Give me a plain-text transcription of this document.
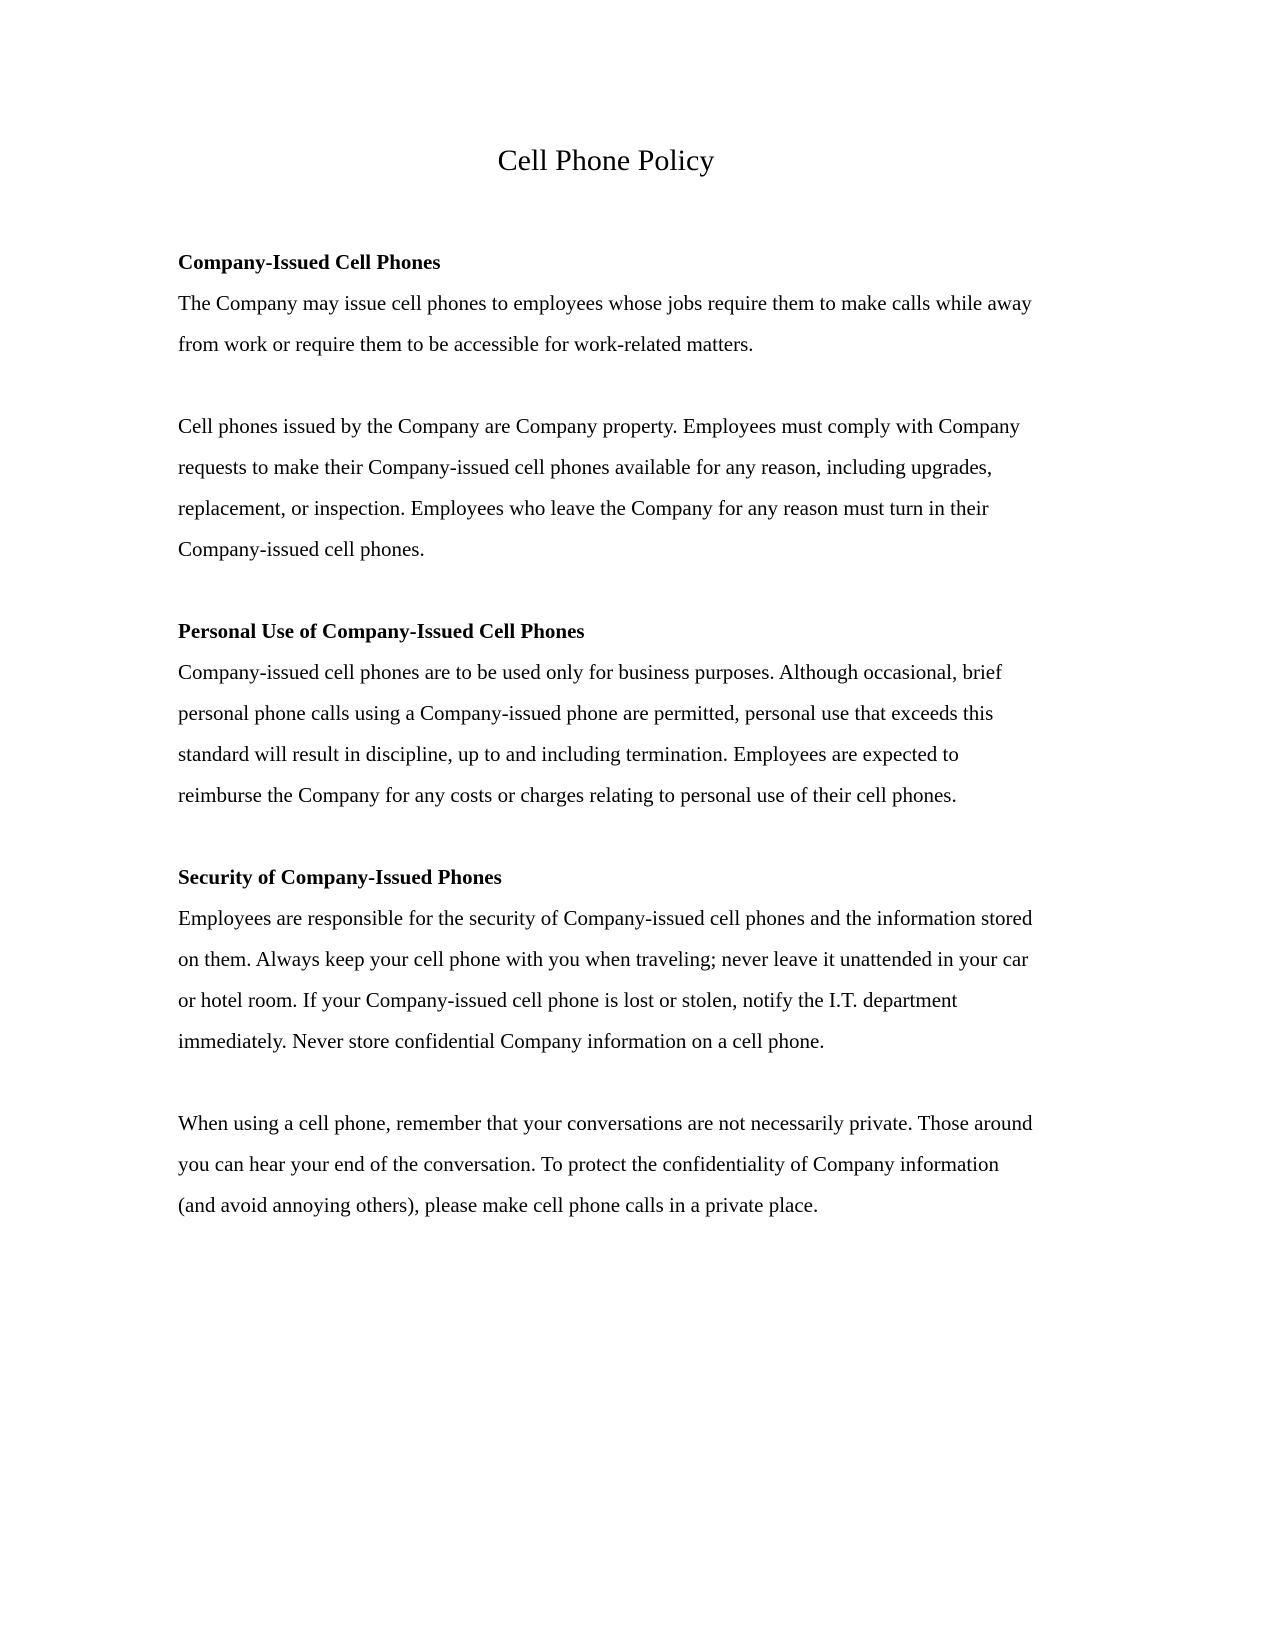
Cell Phone Policy
Company-Issued Cell Phones

The Company may issue cell phones to employees whose jobs require them to make calls while away from work or require them to be accessible for work-related matters.

Cell phones issued by the Company are Company property. Employees must comply with Company requests to make their Company-issued cell phones available for any reason, including upgrades, replacement, or inspection. Employees who leave the Company for any reason must turn in their Company-issued cell phones.

Personal Use of Company-Issued Cell Phones

Company-issued cell phones are to be used only for business purposes. Although occasional, brief personal phone calls using a Company-issued phone are permitted, personal use that exceeds this standard will result in discipline, up to and including termination. Employees are expected to reimburse the Company for any costs or charges relating to personal use of their cell phones.

Security of Company-Issued Phones

Employees are responsible for the security of Company-issued cell phones and the information stored on them. Always keep your cell phone with you when traveling; never leave it unattended in your car or hotel room. If your Company-issued cell phone is lost or stolen, notify the I.T. department immediately. Never store confidential Company information on a cell phone.

When using a cell phone, remember that your conversations are not necessarily private. Those around you can hear your end of the conversation. To protect the confidentiality of Company information (and avoid annoying others), please make cell phone calls in a private place.
